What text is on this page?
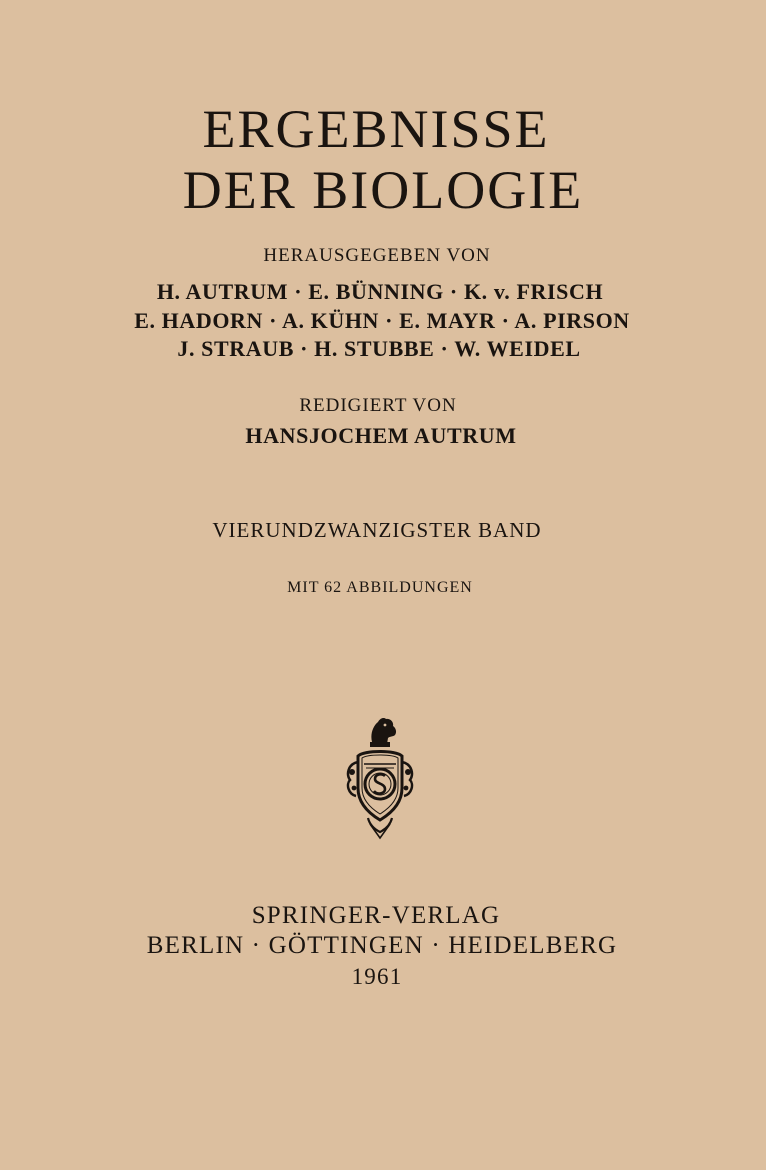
ERGEBNISSE
DER BIOLOGIE
HERAUSGEGEBEN VON
H. AUTRUM · E. BÜNNING · K. v. FRISCH
E. HADORN · A. KÜHN · E. MAYR · A. PIRSON
J. STRAUB · H. STUBBE · W. WEIDEL
REDIGIERT VON
HANSJOCHEM AUTRUM
VIERUNDZWANZIGSTER BAND
MIT 62 ABBILDUNGEN
SPRINGER-VERLAG
BERLIN · GÖTTINGEN · HEIDELBERG
1961
